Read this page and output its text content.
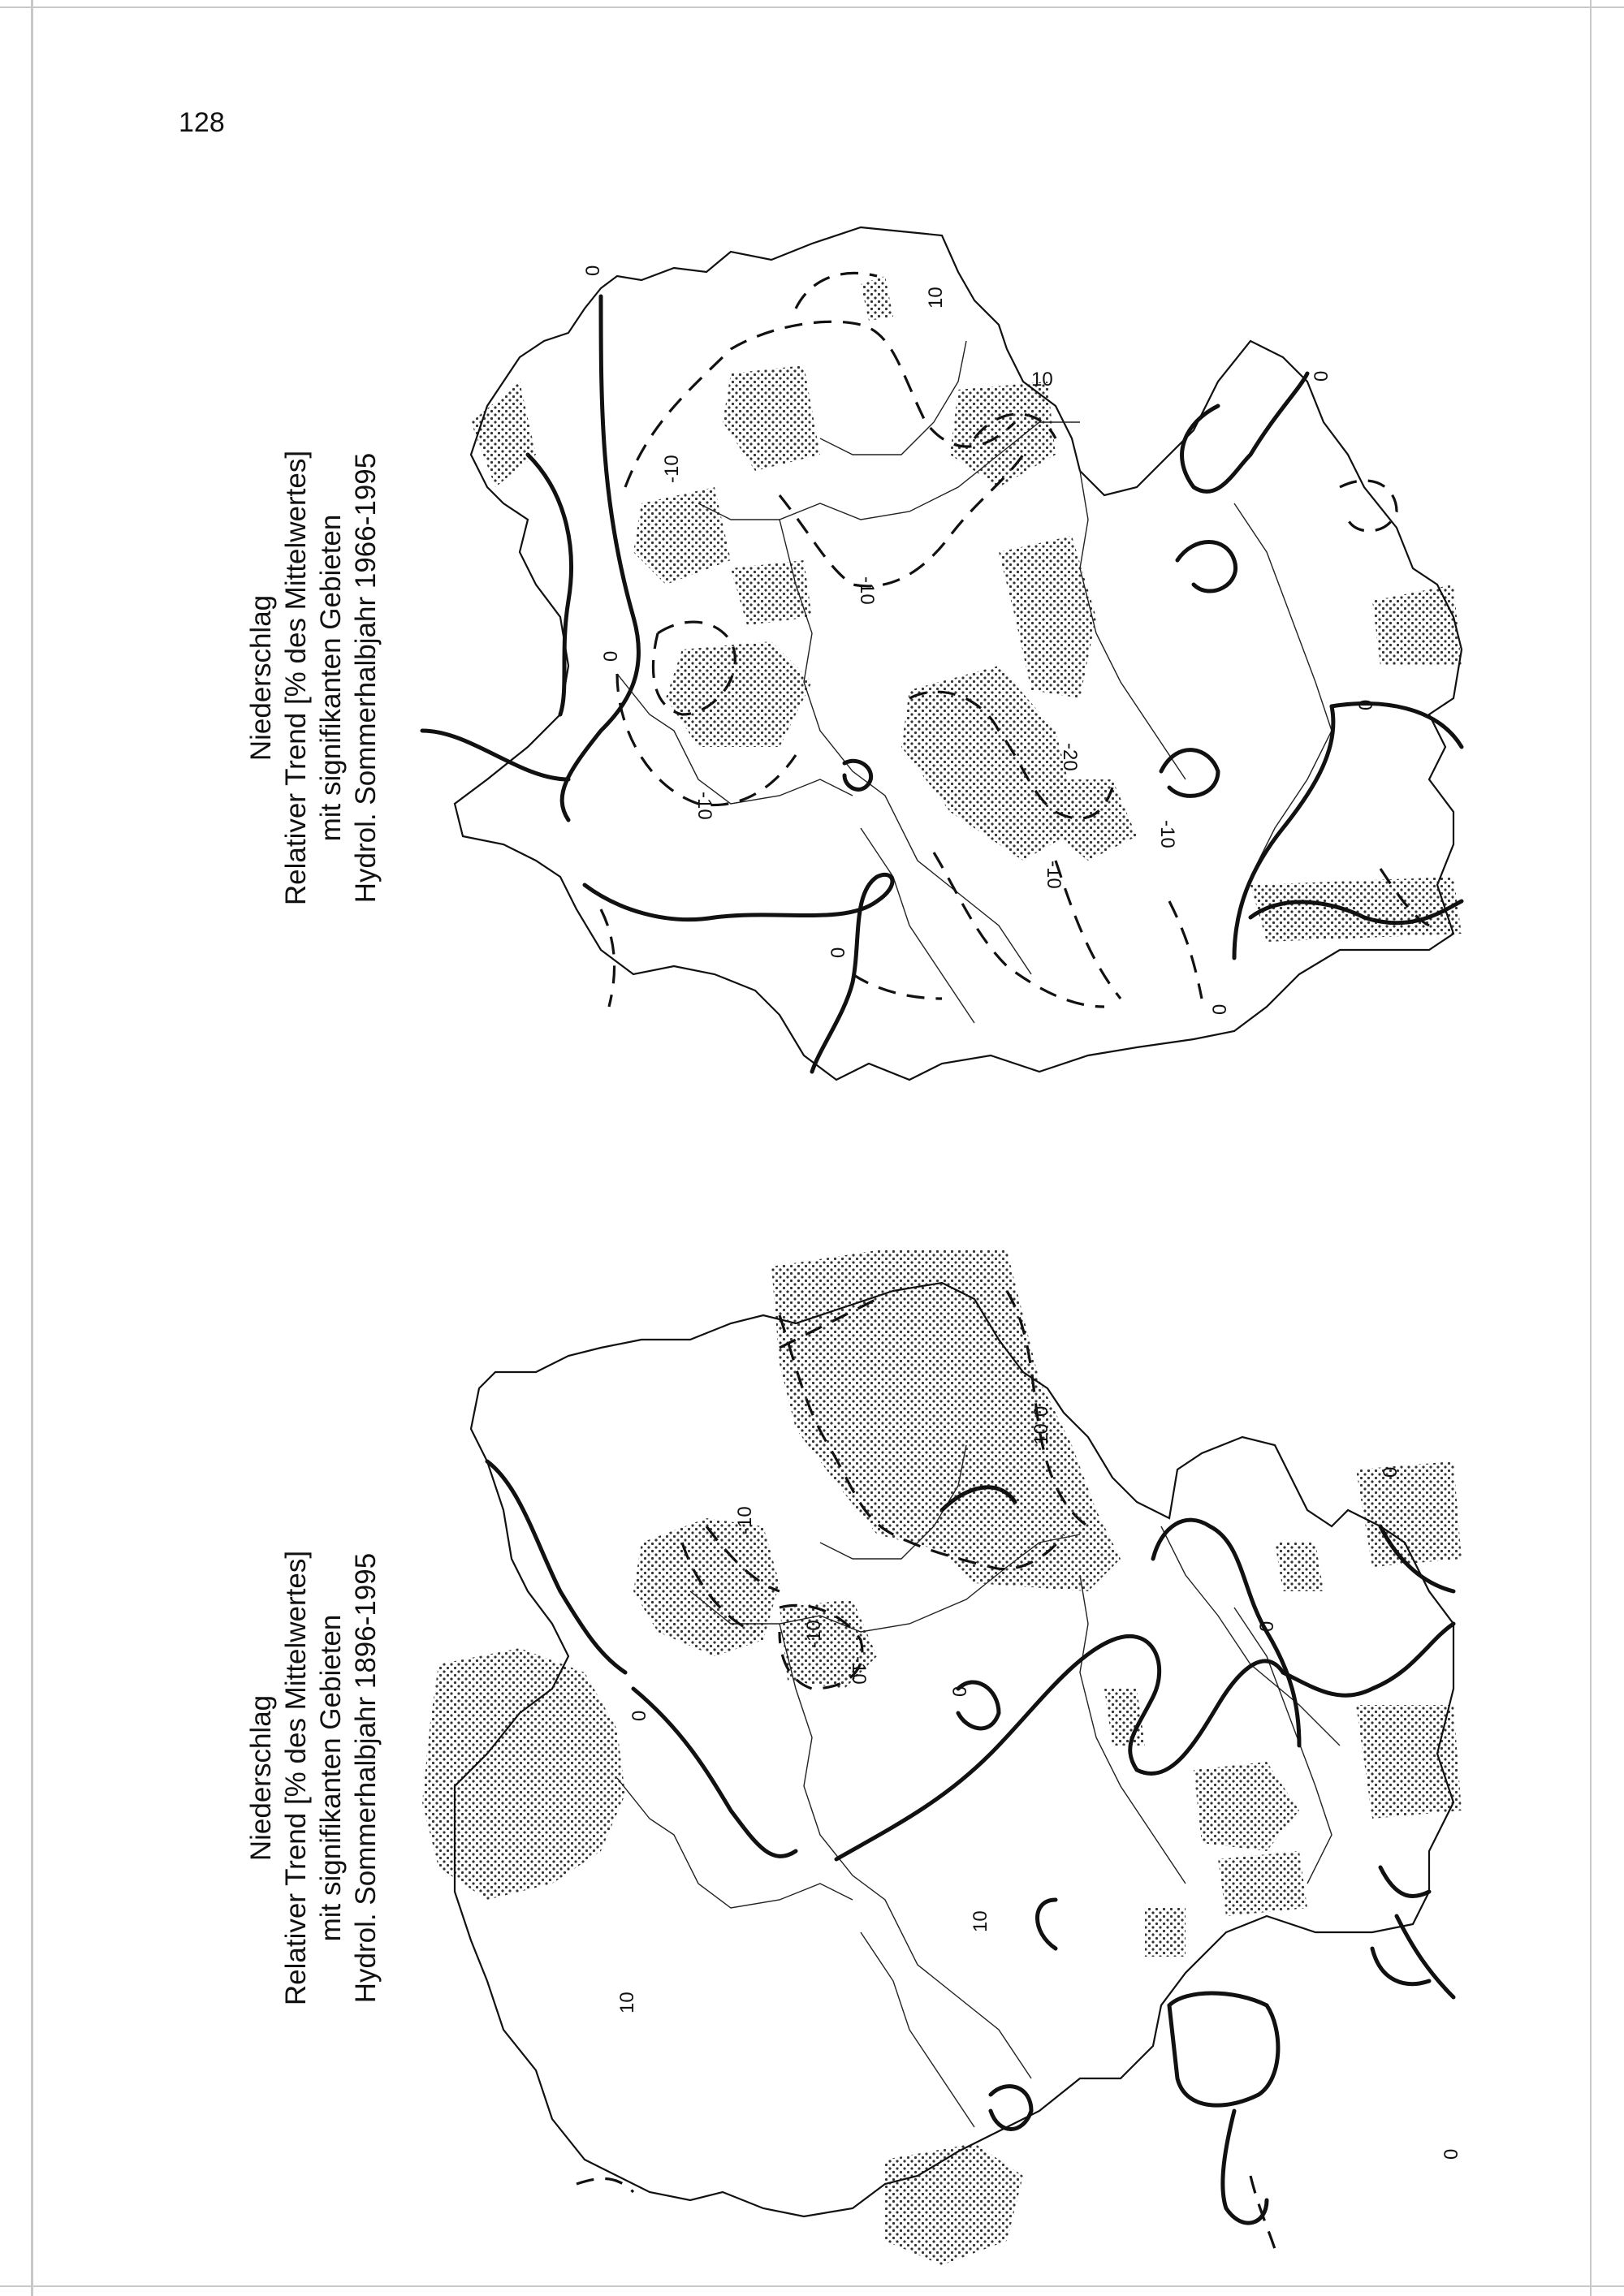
128
Niederschlag Relativer Trend [% des Mittelwertes] mit signifikanten Gebieten Hydrol. Sommerhalbjahr 1966-1995
Niederschlag Relativer Trend [% des Mittelwertes] mit signifikanten Gebieten Hydrol. Sommerhalbjahr 1896-1995
0
0
0
0
0
0
-10
-10
-10
10
10
-20
-10
-10
0
0
0
0
0
0
-10
10
10
-10
-10
10
